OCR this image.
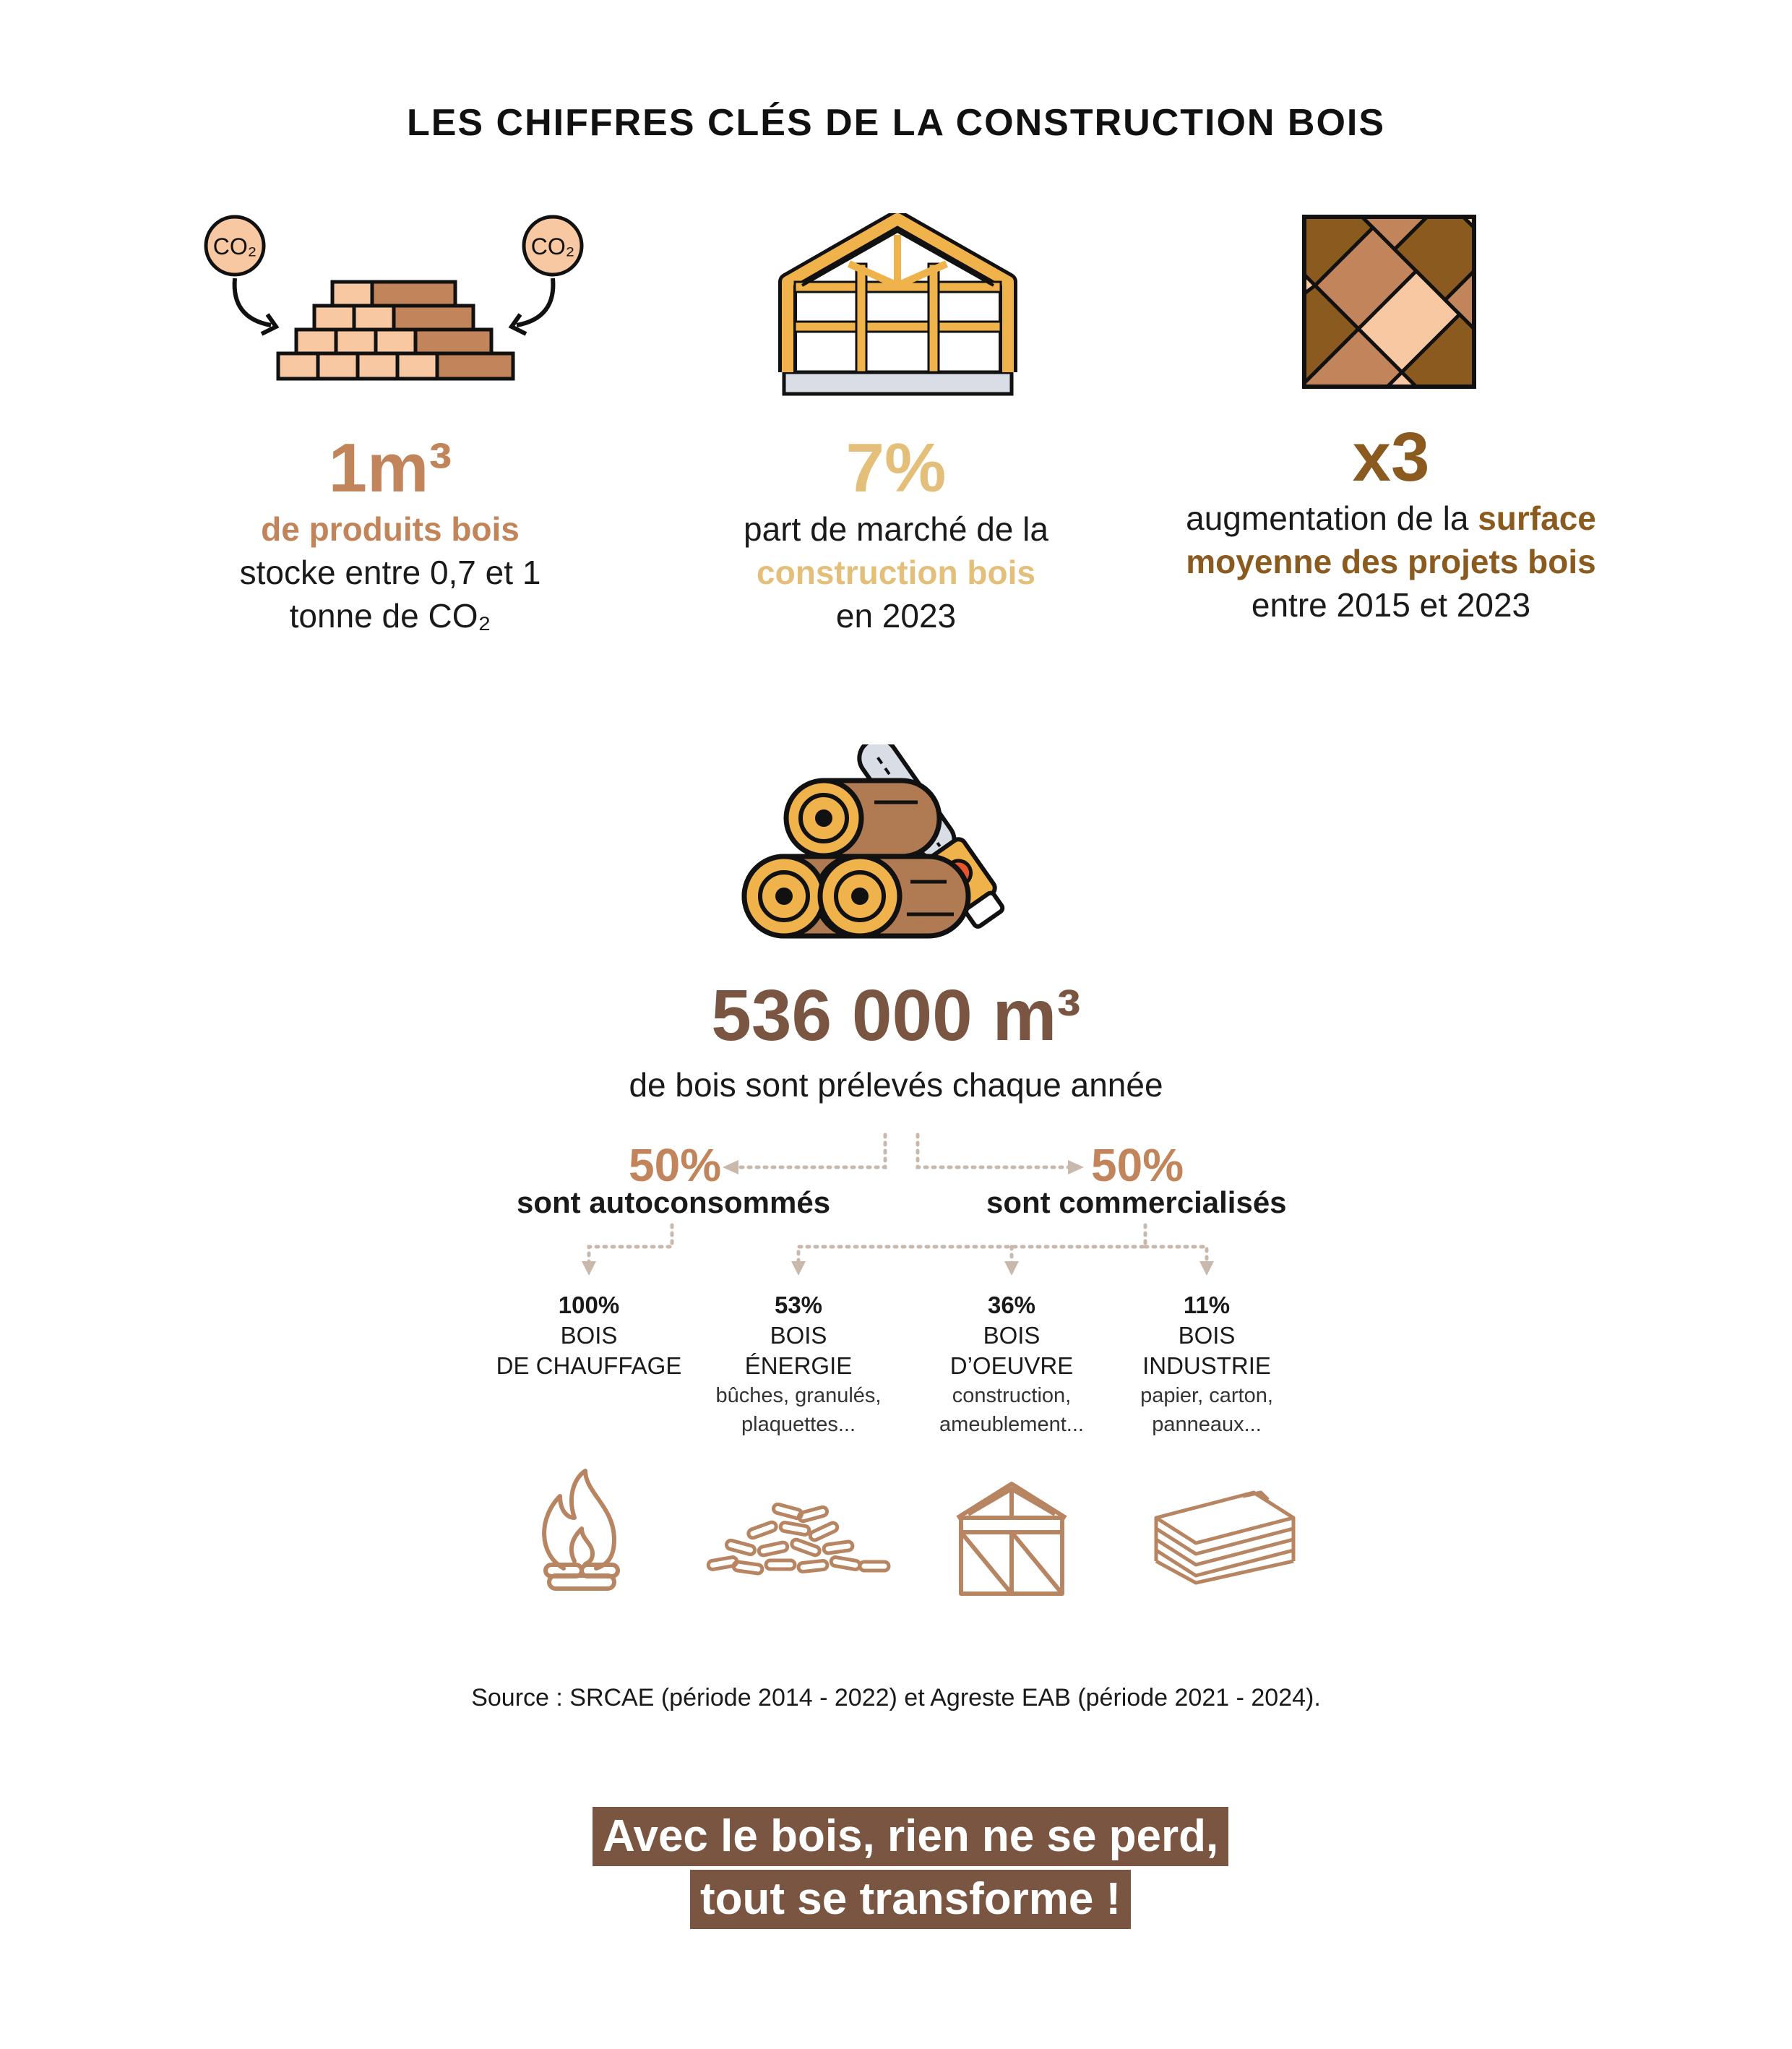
LES CHIFFRES CLÉS DE LA CONSTRUCTION BOIS
CO₂	CO₂
1m³
de produits bois
stocke entre 0,7 et 1
tonne de CO₂
7%
part de marché de la
construction bois
en 2023
x3
augmentation de la surface
moyenne des projets bois
entre 2015 et 2023
536 000 m³
de bois sont prélevés chaque année
50%
sont autoconsommés
50%
sont commercialisés
100%
BOIS
DE CHAUFFAGE
53%
BOIS
ÉNERGIE
bûches, granulés,
plaquettes...
36%
BOIS
D’OEUVRE
construction,
ameublement...
11%
BOIS
INDUSTRIE
papier, carton,
panneaux...
Source : SRCAE (période 2014 - 2022) et Agreste EAB (période 2021 - 2024).
Avec le bois, rien ne se perd,
tout se transforme !
